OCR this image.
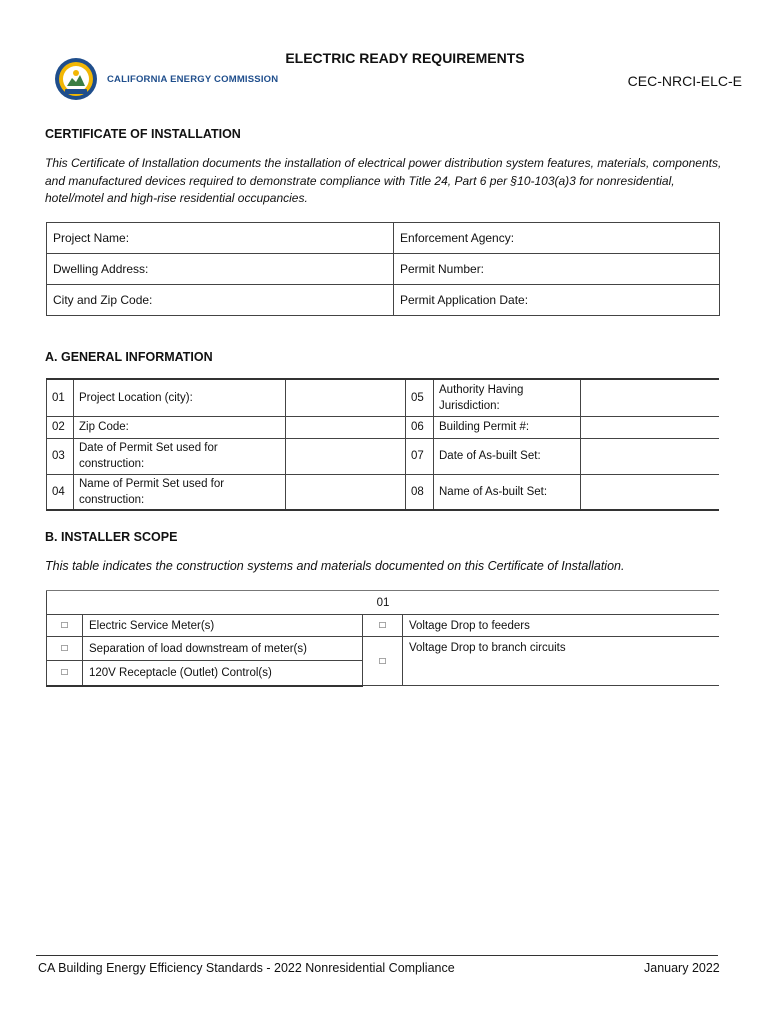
ELECTRIC READY REQUIREMENTS
CEC-NRCI-ELC-E
CALIFORNIA ENERGY COMMISSION
CERTIFICATE OF INSTALLATION
This Certificate of Installation documents the installation of electrical power distribution system features, materials, components, and manufactured devices required to demonstrate compliance with Title 24, Part 6 per §10-103(a)3 for nonresidential, hotel/motel and high-rise residential occupancies.
Project Name:	Enforcement Agency:
Dwelling Address:	Permit Number:
City and Zip Code:	Permit Application Date:
A. GENERAL INFORMATION
01	Project Location (city):		05	Authority Having Jurisdiction:	
02	Zip Code:		06	Building Permit #:	
03	Date of Permit Set used for construction:		07	Date of As-built Set:	
04	Name of Permit Set used for construction:		08	Name of As-built Set:	
B. INSTALLER SCOPE
This table indicates the construction systems and materials documented on this Certificate of Installation.
01			
□	Electric Service Meter(s)	□	Voltage Drop to feeders
□	Separation of load downstream of meter(s)	□	Voltage Drop to branch circuits
□	120V Receptacle (Outlet) Control(s)		
CA Building Energy Efficiency Standards - 2022 Nonresidential Compliance	January 2022
